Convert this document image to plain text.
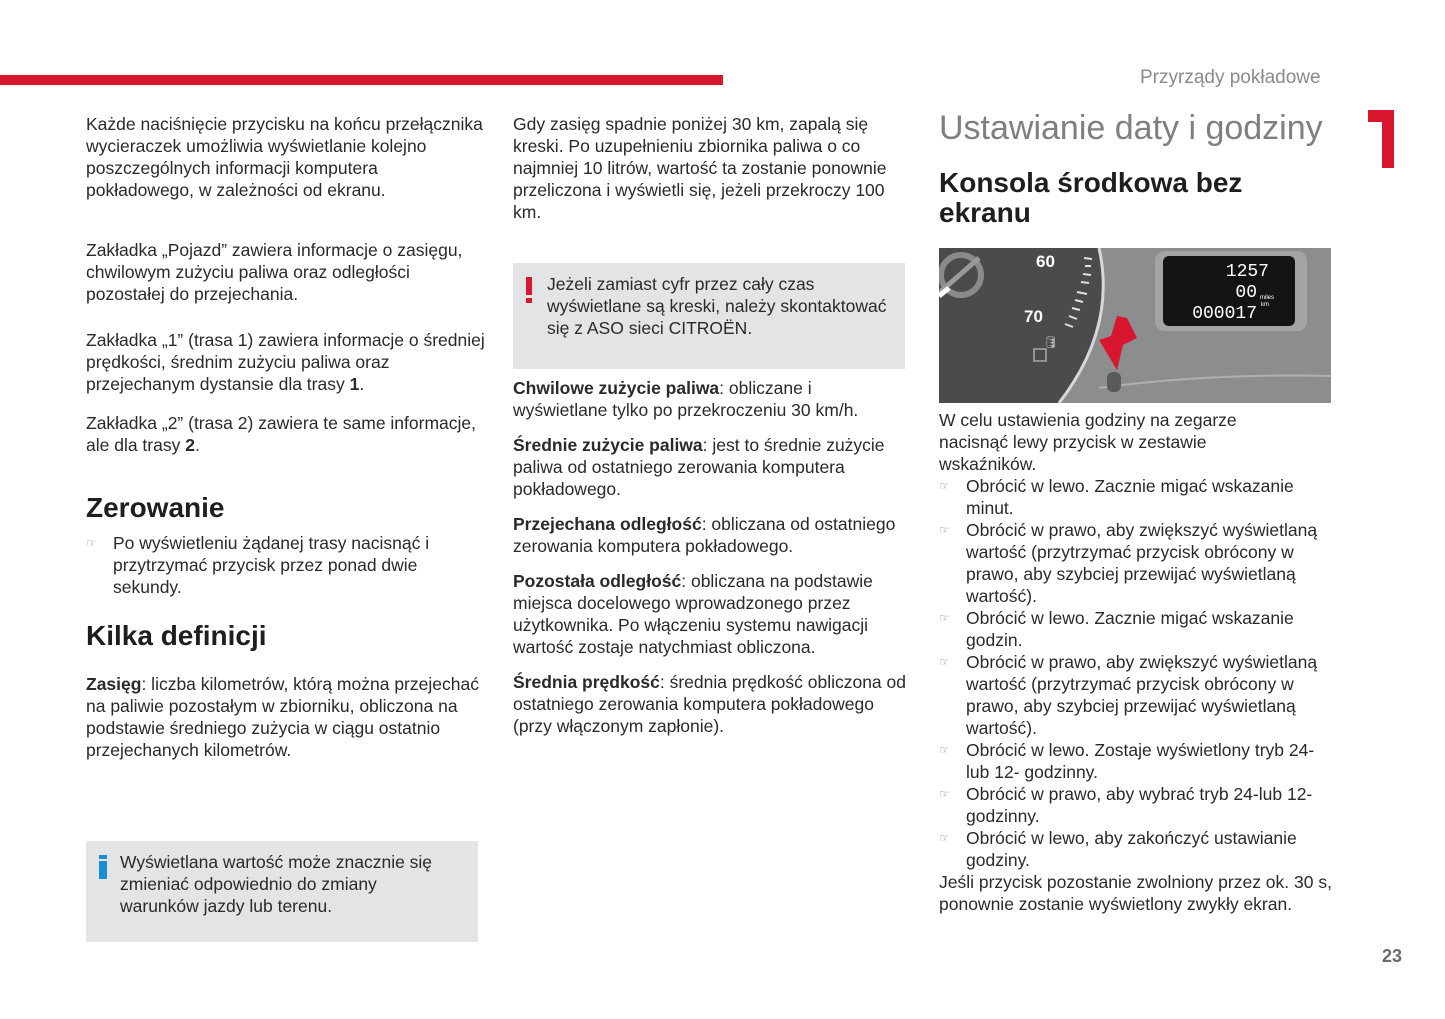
Przyrządy pokładowe
23

Każde naciśnięcie przycisku na końcu przełącznika wycieraczek umożliwia wyświetlanie kolejno poszczególnych informacji komputera pokładowego, w zależności od ekranu.

Zakładka „Pojazd” zawiera informacje o zasięgu, chwilowym zużyciu paliwa oraz odległości pozostałej do przejechania.

Zakładka „1” (trasa 1) zawiera informacje o średniej prędkości, średnim zużyciu paliwa oraz przejechanym dystansie dla trasy 1.

Zakładka „2” (trasa 2) zawiera te same informacje, ale dla trasy 2.

Zerowanie
☞ Po wyświetleniu żądanej trasy nacisnąć i przytrzymać przycisk przez ponad dwie sekundy.
Kilka definicji

Zasięg: liczba kilometrów, którą można przejechać na paliwie pozostałym w zbiorniku, obliczona na podstawie średniego zużycia w ciągu ostatnio przejechanych kilometrów.

Wyświetlana wartość może znacznie się zmieniać odpowiednio do zmiany warunków jazdy lub terenu.

Gdy zasięg spadnie poniżej 30 km, zapalą się kreski. Po uzupełnieniu zbiornika paliwa o co najmniej 10 litrów, wartość ta zostanie ponownie przeliczona i wyświetli się, jeżeli przekroczy 100 km.

Jeżeli zamiast cyfr przez cały czas wyświetlane są kreski, należy skontaktować się z ASO sieci CITROËN.

Chwilowe zużycie paliwa: obliczane i wyświetlane tylko po przekroczeniu 30 km/h.

Średnie zużycie paliwa: jest to średnie zużycie paliwa od ostatniego zerowania komputera pokładowego.

Przejechana odległość: obliczana od ostatniego zerowania komputera pokładowego.

Pozostała odległość: obliczana na podstawie miejsca docelowego wprowadzonego przez użytkownika. Po włączeniu systemu nawigacji wartość zostaje natychmiast obliczona.

Średnia prędkość: średnia prędkość obliczona od ostatniego zerowania komputera pokładowego (przy włączonym zapłonie).

Ustawianie daty i godziny
Konsola środkowa bez ekranu
60
70
🛢
1257
00 miles
km
000017

W celu ustawienia godziny na zegarze nacisnąć lewy przycisk w zestawie wskaźników.

☞ Obrócić w lewo. Zacznie migać wskazanie minut.
☞ Obrócić w prawo, aby zwiększyć wyświetlaną wartość (przytrzymać przycisk obrócony w prawo, aby szybciej przewijać wyświetlaną wartość).
☞ Obrócić w lewo. Zacznie migać wskazanie godzin.
☞ Obrócić w prawo, aby zwiększyć wyświetlaną wartość (przytrzymać przycisk obrócony w prawo, aby szybciej przewijać wyświetlaną wartość).
☞ Obrócić w lewo. Zostaje wyświetlony tryb 24- lub 12- godzinny.
☞ Obrócić w prawo, aby wybrać tryb 24-lub 12-godzinny.
☞ Obrócić w lewo, aby zakończyć ustawianie godziny.

Jeśli przycisk pozostanie zwolniony przez ok. 30 s, ponownie zostanie wyświetlony zwykły ekran.
